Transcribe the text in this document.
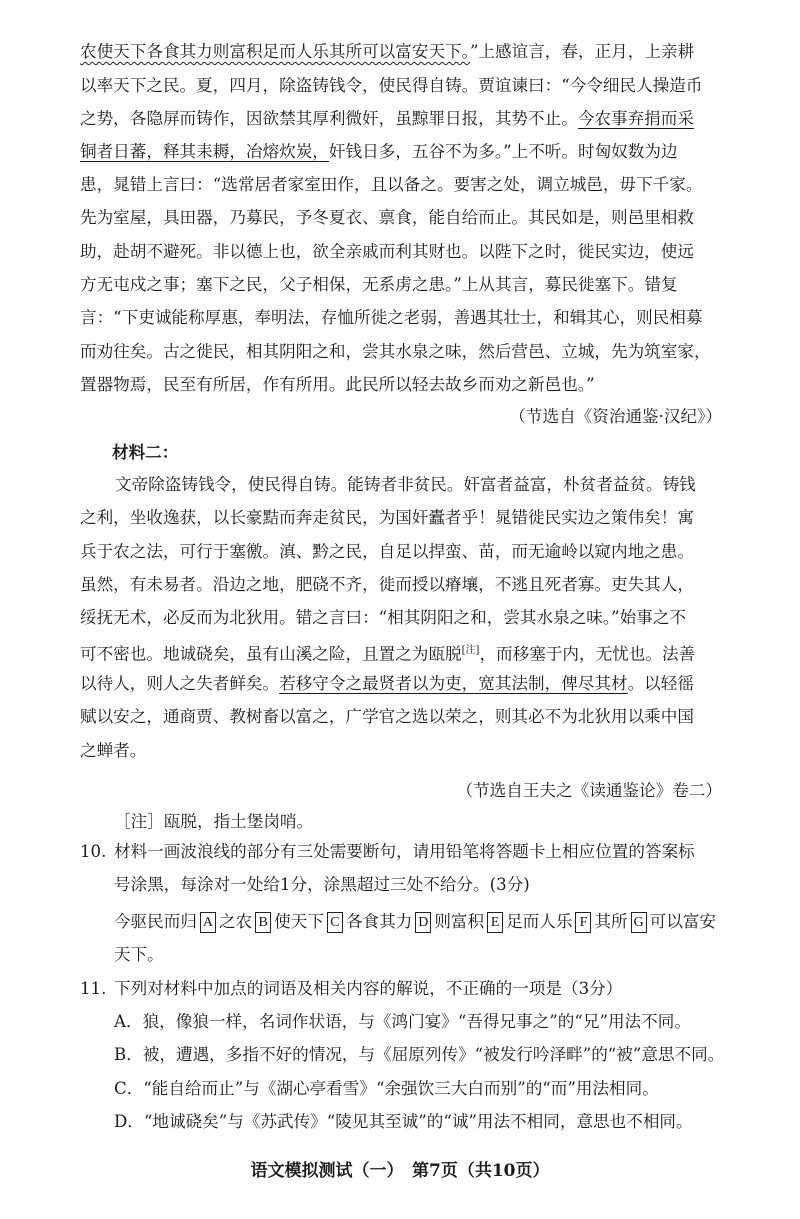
农使天下各食其力则富积足而人乐其所可以富安天下。”上感谊言，春，正月，上亲耕
以率天下之民。夏，四月，除盗铸钱令，使民得自铸。贾谊谏曰：“今令细民人操造币
之势，各隐屏而铸作，因欲禁其厚利微奸，虽黥罪日报，其势不止。今农事弃捐而采
铜者日蕃，释其耒耨，冶熔炊炭，奸钱日多，五谷不为多。”上不听。时匈奴数为边
患，晁错上言曰：“选常居者家室田作，且以备之。要害之处，调立城邑，毋下千家。
先为室屋，具田器，乃募民，予冬夏衣、禀食，能自给而止。其民如是，则邑里相救
助，赴胡不避死。非以德上也，欲全亲戚而利其财也。以陛下之时，徙民实边，使远
方无屯戍之事；塞下之民，父子相保，无系虏之患。”上从其言，募民徙塞下。错复
言：“下吏诚能称厚惠，奉明法，存恤所徙之老弱，善遇其壮士，和辑其心，则民相募
而劝往矣。古之徙民，相其阴阳之和，尝其水泉之味，然后营邑、立城，先为筑室家，
置器物焉，民至有所居，作有所用。此民所以轻去故乡而劝之新邑也。”
（节选自《资治通鉴·汉纪》）
材料二：
文帝除盗铸钱令，使民得自铸。能铸者非贫民。奸富者益富，朴贫者益贫。铸钱
之利，坐收逸获，以长豪黠而奔走贫民，为国奸蠹者乎！晁错徙民实边之策伟矣！寓
兵于农之法，可行于塞徼。滇、黔之民，自足以捍蛮、苗，而无逾岭以窥内地之患。
虽然，有未易者。沿边之地，肥硗不齐，徙而授以瘠壤，不逃且死者寡。吏失其人，
绥抚无术，必反而为北狄用。错之言曰：“相其阴阳之和，尝其水泉之味。”始事之不
可不密也。地诚硗矣，虽有山溪之险，且置之为瓯脱[注]，而移塞于内，无忧也。法善
以待人，则人之失者鲜矣。若移守令之最贤者以为吏，宽其法制，俾尽其材。以轻徭
赋以安之，通商贾、教树畜以富之，广学官之选以荣之，则其必不为北狄用以乘中国
之蝉者。
（节选自王夫之《读通鉴论》卷二）
［注］瓯脱，指土堡岗哨。
10. 材料一画波浪线的部分有三处需要断句，请用铅笔将答题卡上相应位置的答案标
号涂黑，每涂对一处给1分，涂黑超过三处不给分。(3分)
今驱民而归 A 之农 B 使天下 C 各食其力 D 则富积 E 足而人乐 F 其所 G 可以富安
天下。
11. 下列对材料中加点的词语及相关内容的解说，不正确的一项是（3分）
A．狼，像狼一样，名词作状语，与《鸿门宴》“吾得兄事之”的“兄”用法不同。
B．被，遭遇，多指不好的情况，与《屈原列传》“被发行吟泽畔”的“被”意思不同。
C．“能自给而止”与《湖心亭看雪》“余强饮三大白而别”的“而”用法相同。
D．“地诚硗矣”与《苏武传》“陵见其至诚”的“诚”用法不相同，意思也不相同。
语文模拟测试（一）　第7页（共10页）
